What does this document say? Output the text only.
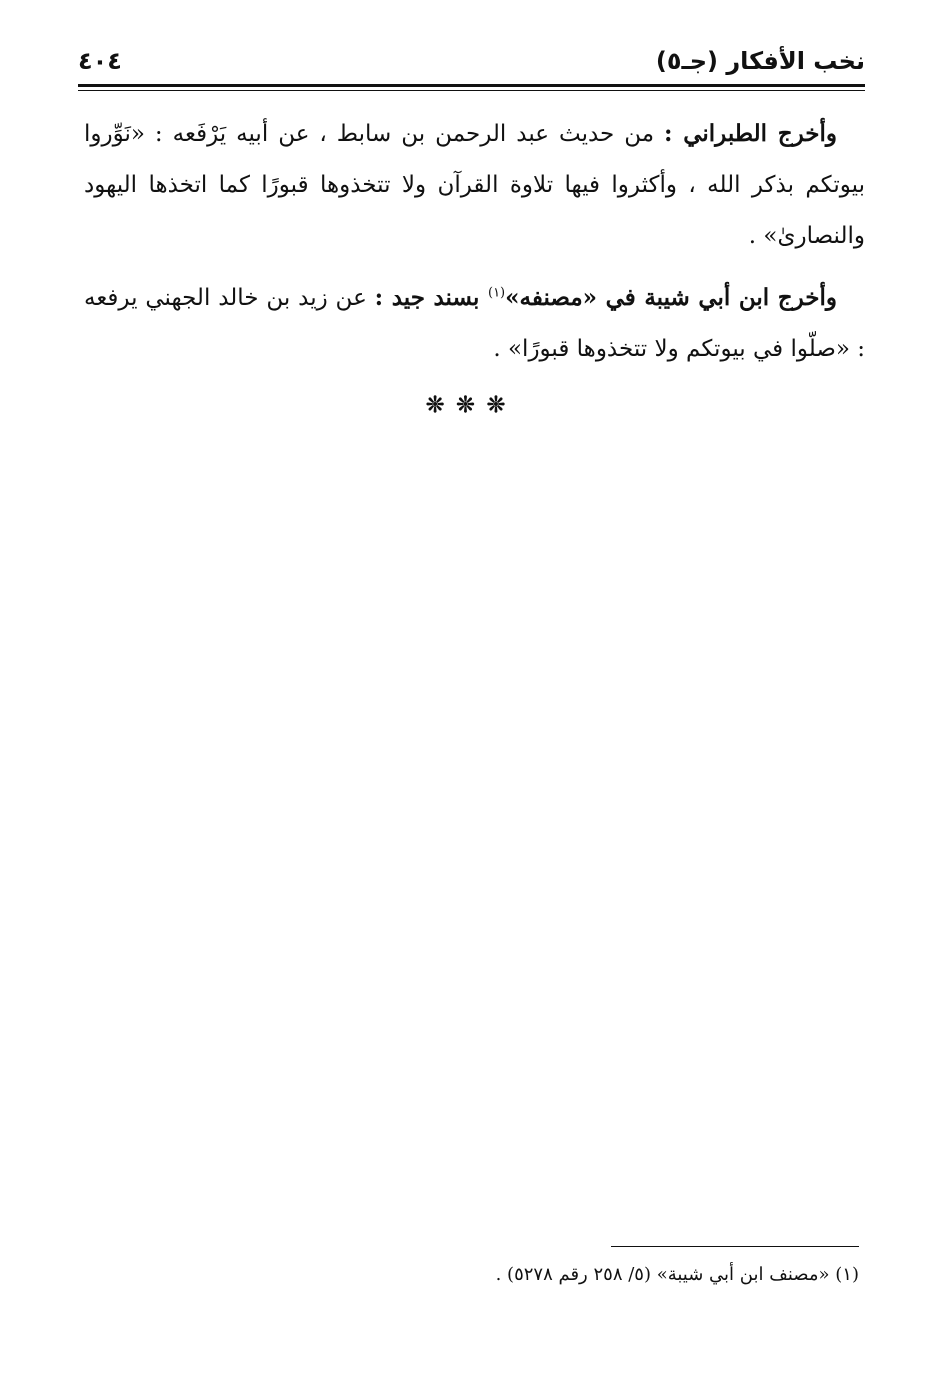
نخب الأفكار (جـ٥)
٤٠٤

وأخرج الطبراني : من حديث عبد الرحمن بن سابط ، عن أبيه يَرْفَعه : «نَوِّروا بيوتكم بذكر الله ، وأكثروا فيها تلاوة القرآن ولا تتخذوها قبورًا كما اتخذها اليهود والنصارىٰ» .

وأخرج ابن أبي شيبة في «مصنفه»$^{(١)}$ بسند جيد : عن زيد بن خالد الجهني يرفعه : «صلّوا في بيوتكم ولا تتخذوها قبورًا» .

❊❊❊
(١) «مصنف ابن أبي شيبة» (٥/ ٢٥٨ رقم ٥٢٧٨) .
